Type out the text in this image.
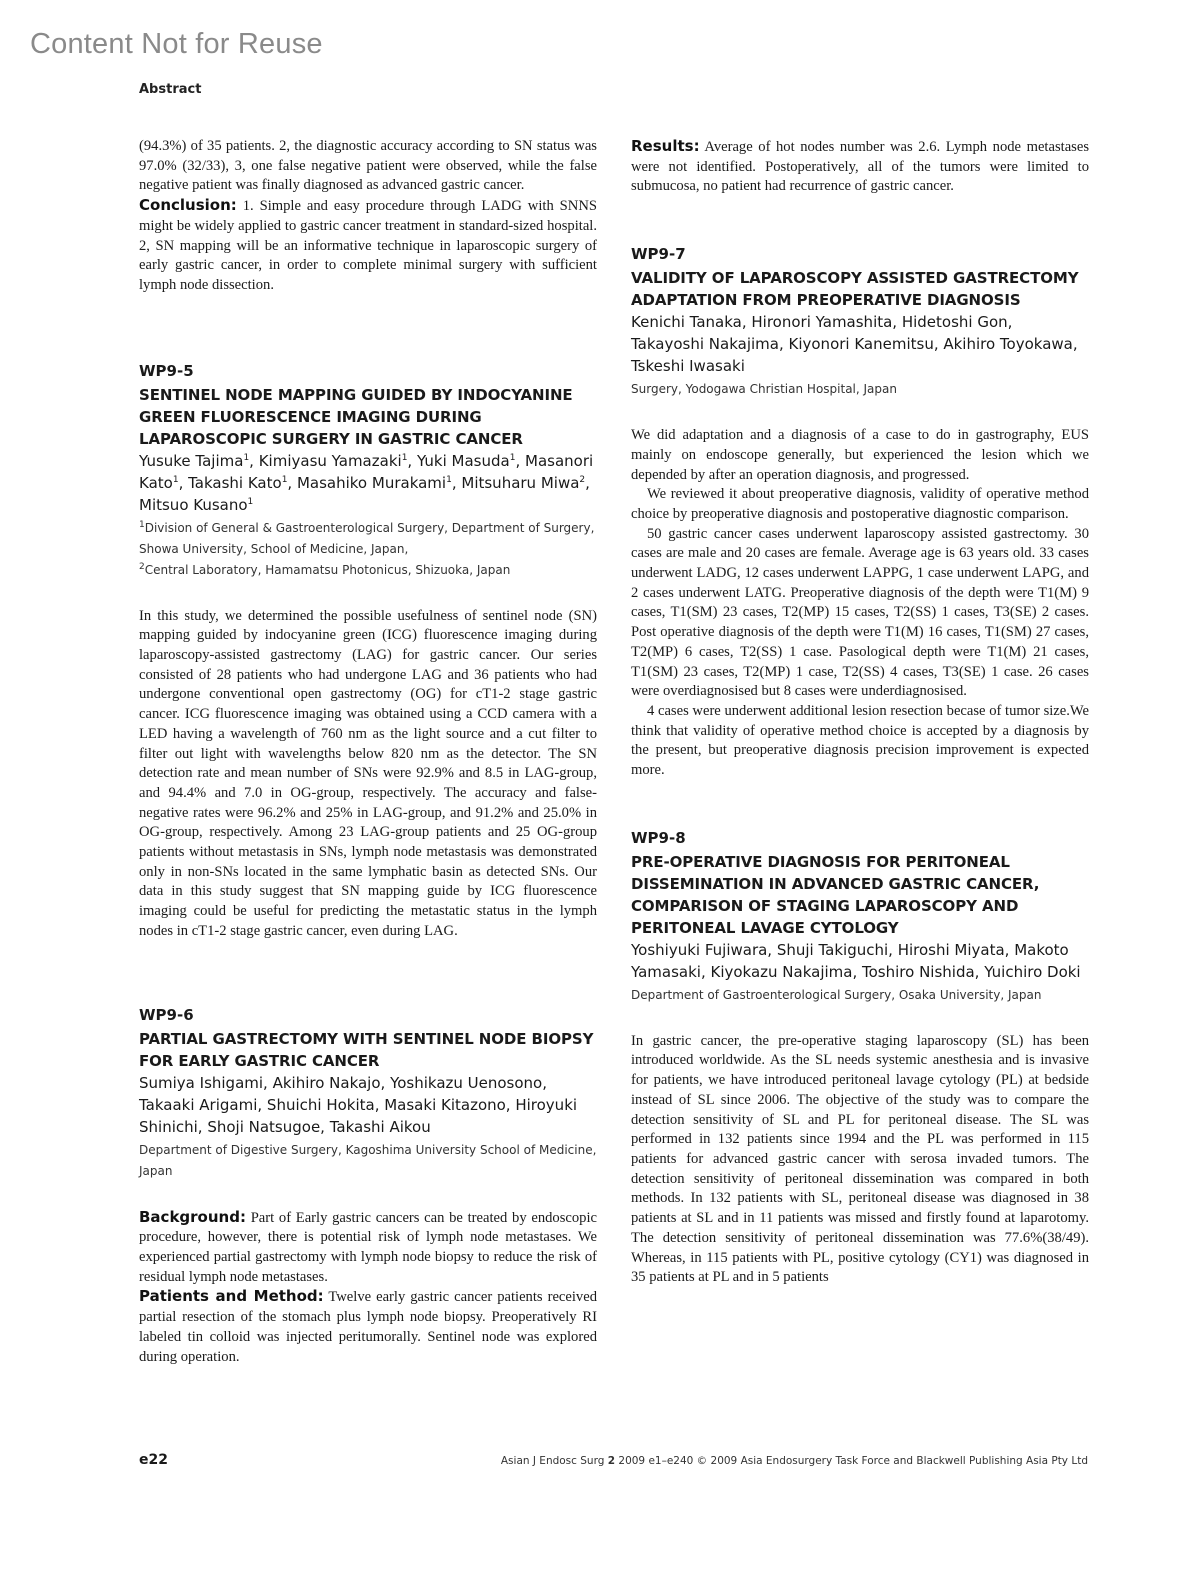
Content Not for Reuse
Abstract

(94.3%) of 35 patients. 2, the diagnostic accuracy according to SN status was 97.0% (32/33), 3, one false negative patient were observed, while the false negative patient was finally diagnosed as advanced gastric cancer.

Conclusion: 1. Simple and easy procedure through LADG with SNNS might be widely applied to gastric cancer treatment in standard-sized hospital. 2, SN mapping will be an informative technique in laparoscopic surgery of early gastric cancer, in order to complete minimal surgery with sufficient lymph node dissection.

WP9-5

SENTINEL NODE MAPPING GUIDED BY INDOCYANINE GREEN FLUORESCENCE IMAGING DURING LAPAROSCOPIC SURGERY IN GASTRIC CANCER

Yusuke Tajima$^1$, Kimiyasu Yamazaki$^1$, Yuki Masuda$^1$, Masanori Kato$^1$, Takashi Kato$^1$, Masahiko Murakami$^1$, Mitsuharu Miwa$^2$, Mitsuo Kusano$^1$

$^1$Division of General & Gastroenterological Surgery, Department of Surgery, Showa University, School of Medicine, Japan,
$^2$Central Laboratory, Hamamatsu Photonicus, Shizuoka, Japan

In this study, we determined the possible usefulness of sentinel node (SN) mapping guided by indocyanine green (ICG) fluorescence imaging during laparoscopy-assisted gastrectomy (LAG) for gastric cancer. Our series consisted of 28 patients who had undergone LAG and 36 patients who had undergone conventional open gastrectomy (OG) for cT1-2 stage gastric cancer. ICG fluorescence imaging was obtained using a CCD camera with a LED having a wavelength of 760 nm as the light source and a cut filter to filter out light with wavelengths below 820 nm as the detector. The SN detection rate and mean number of SNs were 92.9% and 8.5 in LAG-group, and 94.4% and 7.0 in OG-group, respectively. The accuracy and false-negative rates were 96.2% and 25% in LAG-group, and 91.2% and 25.0% in OG-group, respectively. Among 23 LAG-group patients and 25 OG-group patients without metastasis in SNs, lymph node metastasis was demonstrated only in non-SNs located in the same lymphatic basin as detected SNs. Our data in this study suggest that SN mapping guide by ICG fluorescence imaging could be useful for predicting the metastatic status in the lymph nodes in cT1-2 stage gastric cancer, even during LAG.

WP9-6

PARTIAL GASTRECTOMY WITH SENTINEL NODE BIOPSY FOR EARLY GASTRIC CANCER

Sumiya Ishigami, Akihiro Nakajo, Yoshikazu Uenosono, Takaaki Arigami, Shuichi Hokita, Masaki Kitazono, Hiroyuki Shinichi, Shoji Natsugoe, Takashi Aikou

Department of Digestive Surgery, Kagoshima University School of Medicine, Japan

Background: Part of Early gastric cancers can be treated by endoscopic procedure, however, there is potential risk of lymph node metastases. We experienced partial gastrectomy with lymph node biopsy to reduce the risk of residual lymph node metastases.

Patients and Method: Twelve early gastric cancer patients received partial resection of the stomach plus lymph node biopsy. Preoperatively RI labeled tin colloid was injected peritumorally. Sentinel node was explored during operation.

Results: Average of hot nodes number was 2.6. Lymph node metastases were not identified. Postoperatively, all of the tumors were limited to submucosa, no patient had recurrence of gastric cancer.

WP9-7

VALIDITY OF LAPAROSCOPY ASSISTED GASTRECTOMY ADAPTATION FROM PREOPERATIVE DIAGNOSIS

Kenichi Tanaka, Hironori Yamashita, Hidetoshi Gon, Takayoshi Nakajima, Kiyonori Kanemitsu, Akihiro Toyokawa, Tskeshi Iwasaki

Surgery, Yodogawa Christian Hospital, Japan

We did adaptation and a diagnosis of a case to do in gastrography, EUS mainly on endoscope generally, but experienced the lesion which we depended by after an operation diagnosis, and progressed.

We reviewed it about preoperative diagnosis, validity of operative method choice by preoperative diagnosis and postoperative diagnostic comparison.

50 gastric cancer cases underwent laparoscopy assisted gastrectomy. 30 cases are male and 20 cases are female. Average age is 63 years old. 33 cases underwent LADG, 12 cases underwent LAPPG, 1 case underwent LAPG, and 2 cases underwent LATG. Preoperative diagnosis of the depth were T1(M) 9 cases, T1(SM) 23 cases, T2(MP) 15 cases, T2(SS) 1 cases, T3(SE) 2 cases. Post operative diagnosis of the depth were T1(M) 16 cases, T1(SM) 27 cases, T2(MP) 6 cases, T2(SS) 1 case. Pasological depth were T1(M) 21 cases, T1(SM) 23 cases, T2(MP) 1 case, T2(SS) 4 cases, T3(SE) 1 case. 26 cases were overdiagnosised but 8 cases were underdiagnosised.

4 cases were underwent additional lesion resection becase of tumor size.We think that validity of operative method choice is accepted by a diagnosis by the present, but preoperative diagnosis precision improvement is expected more.

WP9-8

PRE-OPERATIVE DIAGNOSIS FOR PERITONEAL DISSEMINATION IN ADVANCED GASTRIC CANCER, COMPARISON OF STAGING LAPAROSCOPY AND PERITONEAL LAVAGE CYTOLOGY

Yoshiyuki Fujiwara, Shuji Takiguchi, Hiroshi Miyata, Makoto Yamasaki, Kiyokazu Nakajima, Toshiro Nishida, Yuichiro Doki

Department of Gastroenterological Surgery, Osaka University, Japan

In gastric cancer, the pre-operative staging laparoscopy (SL) has been introduced worldwide. As the SL needs systemic anesthesia and is invasive for patients, we have introduced peritoneal lavage cytology (PL) at bedside instead of SL since 2006. The objective of the study was to compare the detection sensitivity of SL and PL for peritoneal disease. The SL was performed in 132 patients since 1994 and the PL was performed in 115 patients for advanced gastric cancer with serosa invaded tumors. The detection sensitivity of peritoneal dissemination was compared in both methods. In 132 patients with SL, peritoneal disease was diagnosed in 38 patients at SL and in 11 patients was missed and firstly found at laparotomy. The detection sensitivity of peritoneal dissemination was 77.6%(38/49). Whereas, in 115 patients with PL, positive cytology (CY1) was diagnosed in 35 patients at PL and in 5 patients

e22	Asian J Endosc Surg 2 2009 e1–e240 © 2009 Asia Endosurgery Task Force and Blackwell Publishing Asia Pty Ltd
